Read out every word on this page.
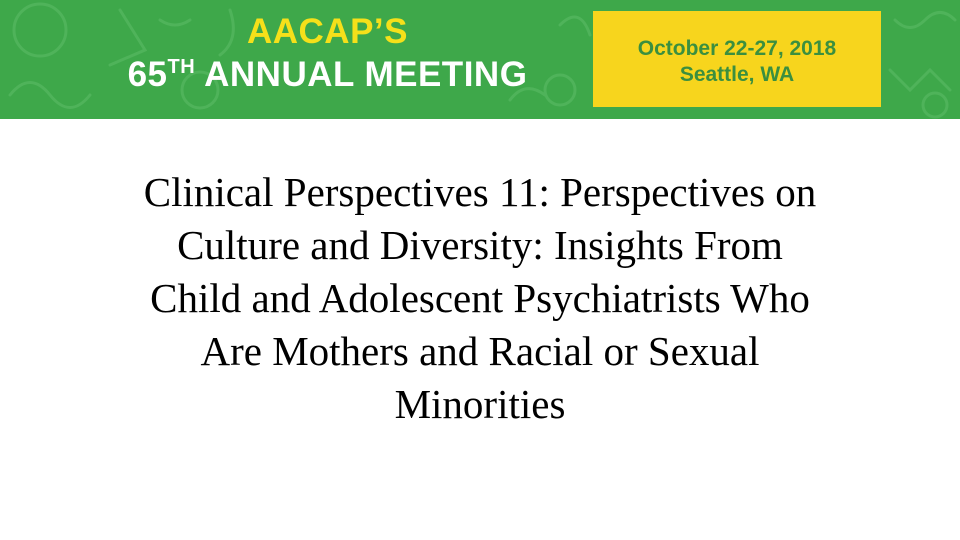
AACAP’S
65TH ANNUAL MEETING
October 22-27, 2018
Seattle, WA
Clinical Perspectives 11: Perspectives on
Culture and Diversity: Insights From
Child and Adolescent Psychiatrists Who
Are Mothers and Racial or Sexual
Minorities
